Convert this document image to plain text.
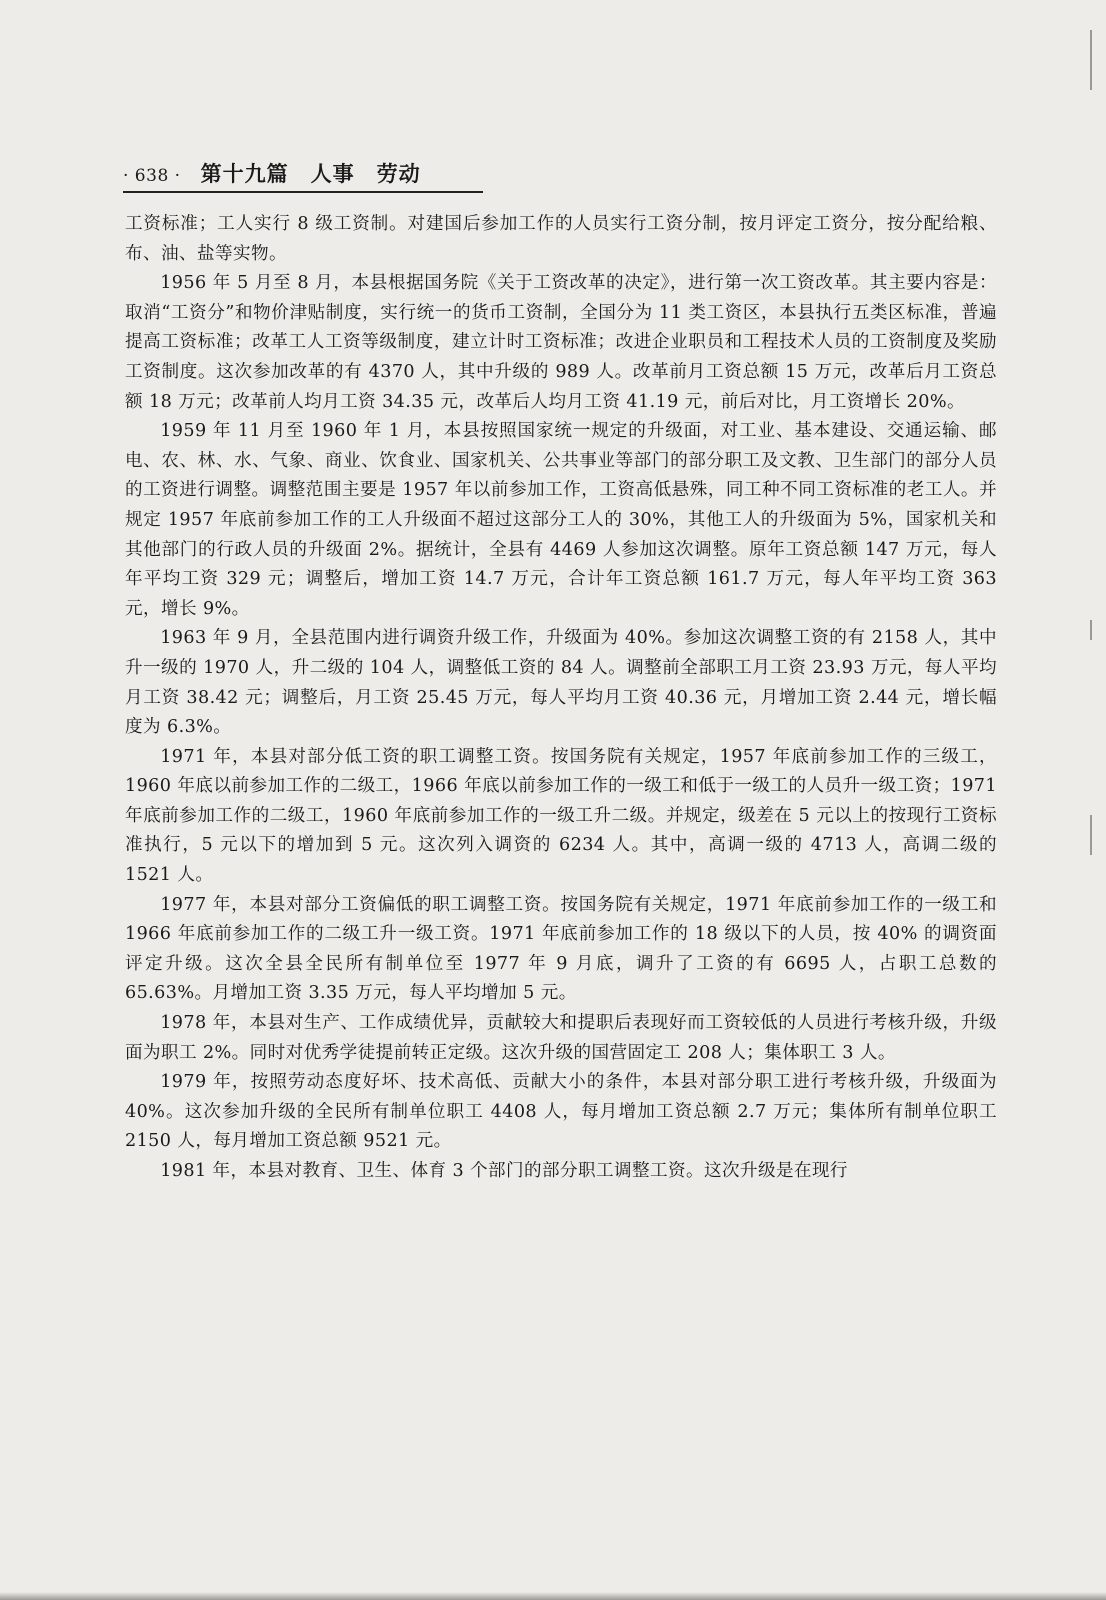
· 638 · 第十九篇　人事　劳动

工资标准；工人实行 8 级工资制。对建国后参加工作的人员实行工资分制，按月评定工资分，按分配给粮、布、油、盐等实物。

1956 年 5 月至 8 月，本县根据国务院《关于工资改革的决定》，进行第一次工资改革。其主要内容是：取消“工资分”和物价津贴制度，实行统一的货币工资制，全国分为 11 类工资区，本县执行五类区标准，普遍提高工资标准；改革工人工资等级制度，建立计时工资标准；改进企业职员和工程技术人员的工资制度及奖励工资制度。这次参加改革的有 4370 人，其中升级的 989 人。改革前月工资总额 15 万元，改革后月工资总额 18 万元；改革前人均月工资 34.35 元，改革后人均月工资 41.19 元，前后对比，月工资增长 20%。

1959 年 11 月至 1960 年 1 月，本县按照国家统一规定的升级面，对工业、基本建设、交通运输、邮电、农、林、水、气象、商业、饮食业、国家机关、公共事业等部门的部分职工及文教、卫生部门的部分人员的工资进行调整。调整范围主要是 1957 年以前参加工作，工资高低悬殊，同工种不同工资标准的老工人。并规定 1957 年底前参加工作的工人升级面不超过这部分工人的 30%，其他工人的升级面为 5%，国家机关和其他部门的行政人员的升级面 2%。据统计，全县有 4469 人参加这次调整。原年工资总额 147 万元，每人年平均工资 329 元；调整后，增加工资 14.7 万元，合计年工资总额 161.7 万元，每人年平均工资 363 元，增长 9%。

1963 年 9 月，全县范围内进行调资升级工作，升级面为 40%。参加这次调整工资的有 2158 人，其中升一级的 1970 人，升二级的 104 人，调整低工资的 84 人。调整前全部职工月工资 23.93 万元，每人平均月工资 38.42 元；调整后，月工资 25.45 万元，每人平均月工资 40.36 元，月增加工资 2.44 元，增长幅度为 6.3%。

1971 年，本县对部分低工资的职工调整工资。按国务院有关规定，1957 年底前参加工作的三级工，1960 年底以前参加工作的二级工，1966 年底以前参加工作的一级工和低于一级工的人员升一级工资；1971 年底前参加工作的二级工，1960 年底前参加工作的一级工升二级。并规定，级差在 5 元以上的按现行工资标准执行，5 元以下的增加到 5 元。这次列入调资的 6234 人。其中，高调一级的 4713 人，高调二级的 1521 人。

1977 年，本县对部分工资偏低的职工调整工资。按国务院有关规定，1971 年底前参加工作的一级工和 1966 年底前参加工作的二级工升一级工资。1971 年底前参加工作的 18 级以下的人员，按 40% 的调资面评定升级。这次全县全民所有制单位至 1977 年 9 月底，调升了工资的有 6695 人，占职工总数的 65.63%。月增加工资 3.35 万元，每人平均增加 5 元。

1978 年，本县对生产、工作成绩优异，贡献较大和提职后表现好而工资较低的人员进行考核升级，升级面为职工 2%。同时对优秀学徒提前转正定级。这次升级的国营固定工 208 人；集体职工 3 人。

1979 年，按照劳动态度好坏、技术高低、贡献大小的条件，本县对部分职工进行考核升级，升级面为 40%。这次参加升级的全民所有制单位职工 4408 人，每月增加工资总额 2.7 万元；集体所有制单位职工 2150 人，每月增加工资总额 9521 元。

1981 年，本县对教育、卫生、体育 3 个部门的部分职工调整工资。这次升级是在现行
